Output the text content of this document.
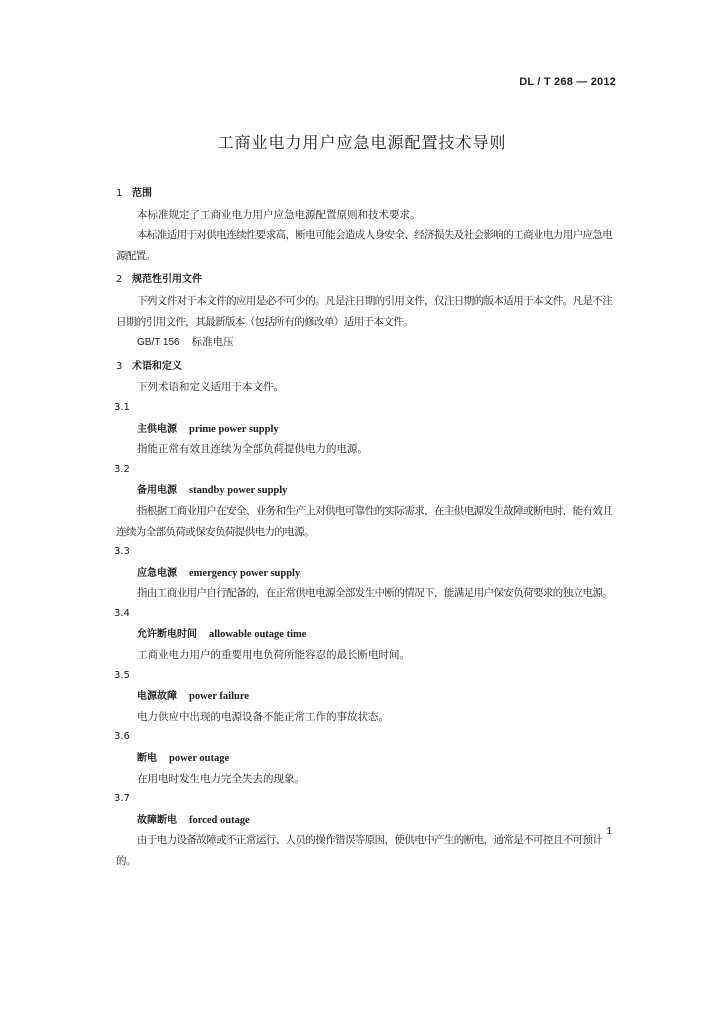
DL / T 268 — 2012
工商业电力用户应急电源配置技术导则
1 范围

本标准规定了工商业电力用户应急电源配置原则和技术要求。

本标准适用于对供电连续性要求高，断电可能会造成人身安全、经济损失及社会影响的工商业电力用户应急电源配置。

2 规范性引用文件

下列文件对于本文件的应用是必不可少的。凡是注日期的引用文件，仅注日期的版本适用于本文件。凡是不注日期的引用文件，其最新版本（包括所有的修改单）适用于本文件。

GB/T 156 标准电压
3 术语和定义

下列术语和定义适用于本文件。

3.1
主供电源 prime power supply

指能正常有效且连续为全部负荷提供电力的电源。

3.2
备用电源 standby power supply

指根据工商业用户在安全、业务和生产上对供电可靠性的实际需求，在主供电源发生故障或断电时，能有效且连续为全部负荷或保安负荷提供电力的电源。

3.3
应急电源 emergency power supply

指由工商业用户自行配备的，在正常供电电源全部发生中断的情况下，能满足用户保安负荷要求的独立电源。

3.4
允许断电时间 allowable outage time

工商业电力用户的重要用电负荷所能容忍的最长断电时间。

3.5
电源故障 power failure

电力供应中出现的电源设备不能正常工作的事故状态。

3.6
断电 power outage

在用电时发生电力完全失去的现象。

3.7
故障断电 forced outage

由于电力设备故障或不正常运行、人员的操作错误等原因，使供电中产生的断电，通常是不可控且不可预计的。

1
